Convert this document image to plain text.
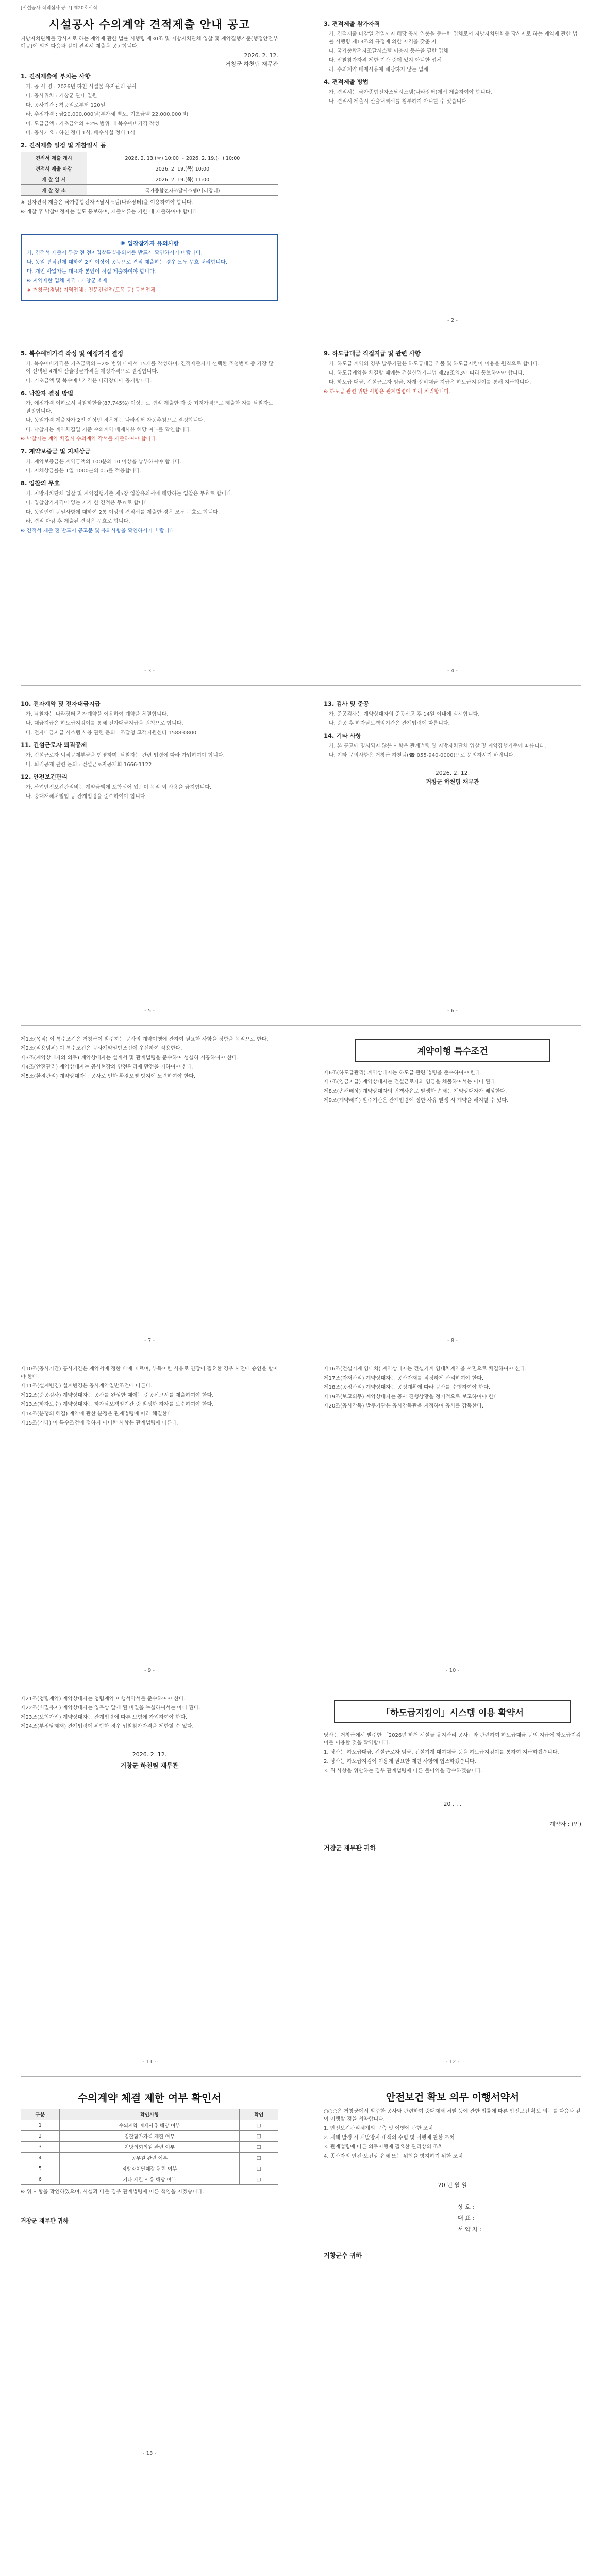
[시설공사 적격심사 공고] 제20호서식
시설공사 수의계약 견적제출 안내 공고

지방자치단체를 당사자로 하는 계약에 관한 법률 시행령 제30조 및 지방자치단체 입찰 및 계약집행기준(행정안전부 예규)에 의거 다음과 같이 견적서 제출을 공고합니다.

2026. 2. 12.
거창군 하천팀 재무관
1. 견적제출에 부치는 사항

가. 공 사 명 : 2026년 하천 시설물 유지관리 공사

나. 공사위치 : 거창군 관내 일원

다. 공사기간 : 착공일로부터 120일

라. 추정가격 : 금20,000,000원(부가세 별도, 기초금액 22,000,000원)

마. 도급금액 : 기초금액의 ±2% 범위 내 복수예비가격 작성

바. 공사개요 : 하천 정비 1식, 배수시설 정비 1식

2. 견적제출 일정 및 개찰일시 등
견적서 제출 개시	2026. 2. 13.(금) 10:00 ~ 2026. 2. 19.(목) 10:00
견적서 제출 마감	2026. 2. 19.(목) 10:00
개 찰 일 시	2026. 2. 19.(목) 11:00
개 찰 장 소	국가종합전자조달시스템(나라장터)

※ 전자견적 제출은 국가종합전자조달시스템(나라장터)을 이용하여야 합니다.

※ 개찰 후 낙찰예정자는 별도 통보하며, 제출서류는 기한 내 제출하여야 합니다.

※ 입찰참가자 유의사항

가. 견적서 제출시 투찰 전 전자입찰특별유의서를 반드시 확인하시기 바랍니다.

나. 동일 견적건에 대하여 2인 이상이 공동으로 견적 제출하는 경우 모두 무효 처리합니다.

다. 개인 사업자는 대표자 본인이 직접 제출하여야 합니다.

※ 지역제한 업체 자격 : 거창군 소재

※ 거창군(경남) 지역업체 : 전문건설업(토목 등) 등록업체

3. 견적제출 참가자격

가. 견적제출 마감일 전일까지 해당 공사 업종을 등록한 업체로서 지방자치단체를 당사자로 하는 계약에 관한 법률 시행령 제13조의 규정에 의한 자격을 갖춘 자

나. 국가종합전자조달시스템 이용자 등록을 필한 업체

다. 입찰참가자격 제한 기간 중에 있지 아니한 업체

라. 수의계약 배제사유에 해당하지 않는 업체

4. 견적제출 방법

가. 견적서는 국가종합전자조달시스템(나라장터)에서 제출하여야 합니다.

나. 견적서 제출시 산출내역서를 첨부하지 아니할 수 있습니다.

- 2 -
5. 복수예비가격 작성 및 예정가격 결정

가. 복수예비가격은 기초금액의 ±2% 범위 내에서 15개를 작성하며, 견적제출자가 선택한 추첨번호 중 가장 많이 선택된 4개의 산술평균가격을 예정가격으로 결정합니다.

나. 기초금액 및 복수예비가격은 나라장터에 공개합니다.

6. 낙찰자 결정 방법

가. 예정가격 이하로서 낙찰하한율(87.745%) 이상으로 견적 제출한 자 중 최저가격으로 제출한 자를 낙찰자로 결정합니다.

나. 동일가격 제출자가 2인 이상인 경우에는 나라장터 자동추첨으로 결정합니다.

다. 낙찰자는 계약체결일 기준 수의계약 배제사유 해당 여부를 확인합니다.

※ 낙찰자는 계약 체결시 수의계약 각서를 제출하여야 합니다.

7. 계약보증금 및 지체상금

가. 계약보증금은 계약금액의 100분의 10 이상을 납부하여야 합니다.

나. 지체상금률은 1일 1000분의 0.5를 적용합니다.

8. 입찰의 무효

가. 지방자치단체 입찰 및 계약집행기준 제5장 입찰유의서에 해당하는 입찰은 무효로 합니다.

나. 입찰참가자격이 없는 자가 한 견적은 무효로 합니다.

다. 동일인이 동일사항에 대하여 2통 이상의 견적서를 제출한 경우 모두 무효로 합니다.

라. 견적 마감 후 제출된 견적은 무효로 합니다.

※ 견적서 제출 전 반드시 공고문 및 유의사항을 확인하시기 바랍니다.

- 3 -
9. 하도급대금 직접지급 및 관련 사항

가. 하도급 계약의 경우 발주기관은 하도급대금 직불 및 하도급지킴이 이용을 원칙으로 합니다.

나. 하도급계약을 체결할 때에는 건설산업기본법 제29조의3에 따라 통보하여야 합니다.

다. 하도급 대금, 건설근로자 임금, 자재·장비대금 지급은 하도급지킴이를 통해 지급합니다.

※ 하도급 관련 위반 사항은 관계법령에 따라 처리합니다.

- 4 -
10. 전자계약 및 전자대금지급

가. 낙찰자는 나라장터 전자계약을 이용하여 계약을 체결합니다.

나. 대금지급은 하도급지킴이를 통해 전자대금지급을 원칙으로 합니다.

다. 전자대금지급 시스템 사용 관련 문의 : 조달청 고객지원센터 1588-0800

11. 건설근로자 퇴직공제

가. 건설근로자 퇴직공제부금을 반영하며, 낙찰자는 관련 법령에 따라 가입하여야 합니다.

나. 퇴직공제 관련 문의 : 건설근로자공제회 1666-1122

12. 안전보건관리

가. 산업안전보건관리비는 계약금액에 포함되어 있으며 목적 외 사용을 금지합니다.

나. 중대재해처벌법 등 관계법령을 준수하여야 합니다.

- 5 -
13. 검사 및 준공

가. 준공검사는 계약상대자의 준공신고 후 14일 이내에 실시합니다.

나. 준공 후 하자담보책임기간은 관계법령에 따릅니다.

14. 기타 사항

가. 본 공고에 명시되지 않은 사항은 관계법령 및 지방자치단체 입찰 및 계약집행기준에 따릅니다.

나. 기타 문의사항은 거창군 하천팀(☎ 055-940-0000)으로 문의하시기 바랍니다.

2026. 2. 12.
거창군 하천팀 재무관
- 6 -

제1조(목적) 이 특수조건은 거창군이 발주하는 공사의 계약이행에 관하여 필요한 사항을 정함을 목적으로 한다.

제2조(적용범위) 이 특수조건은 공사계약일반조건에 우선하여 적용한다.

제3조(계약상대자의 의무) 계약상대자는 설계서 및 관계법령을 준수하여 성실히 시공하여야 한다.

제4조(안전관리) 계약상대자는 공사현장의 안전관리에 만전을 기하여야 한다.

제5조(환경관리) 계약상대자는 공사로 인한 환경오염 방지에 노력하여야 한다.

- 7 -
계약이행 특수조건

제6조(하도급관리) 계약상대자는 하도급 관련 법령을 준수하여야 한다.

제7조(임금지급) 계약상대자는 건설근로자의 임금을 체불하여서는 아니 된다.

제8조(손해배상) 계약상대자의 귀책사유로 발생한 손해는 계약상대자가 배상한다.

제9조(계약해지) 발주기관은 관계법령에 정한 사유 발생 시 계약을 해지할 수 있다.

- 8 -

제10조(공사기간) 공사기간은 계약서에 정한 바에 따르며, 부득이한 사유로 연장이 필요한 경우 사전에 승인을 받아야 한다.

제11조(설계변경) 설계변경은 공사계약일반조건에 따른다.

제12조(준공검사) 계약상대자는 공사를 완성한 때에는 준공신고서를 제출하여야 한다.

제13조(하자보수) 계약상대자는 하자담보책임기간 중 발생한 하자를 보수하여야 한다.

제14조(분쟁의 해결) 계약에 관한 분쟁은 관계법령에 따라 해결한다.

제15조(기타) 이 특수조건에 정하지 아니한 사항은 관계법령에 따른다.

- 9 -

제16조(건설기계 임대차) 계약상대자는 건설기계 임대차계약을 서면으로 체결하여야 한다.

제17조(자재관리) 계약상대자는 공사자재를 적정하게 관리하여야 한다.

제18조(공정관리) 계약상대자는 공정계획에 따라 공사를 수행하여야 한다.

제19조(보고의무) 계약상대자는 공사 진행상황을 정기적으로 보고하여야 한다.

제20조(공사감독) 발주기관은 공사감독관을 지정하여 공사를 감독한다.

- 10 -

제21조(청렴계약) 계약상대자는 청렴계약 이행서약서를 준수하여야 한다.

제22조(비밀유지) 계약상대자는 업무상 알게 된 비밀을 누설하여서는 아니 된다.

제23조(보험가입) 계약상대자는 관계법령에 따른 보험에 가입하여야 한다.

제24조(부정당제재) 관계법령에 위반한 경우 입찰참가자격을 제한할 수 있다.

2026. 2. 12.
거창군 하천팀 재무관
- 11 -
「하도급지킴이」시스템 이용 확약서

당사는 거창군에서 발주한 「2026년 하천 시설물 유지관리 공사」와 관련하여 하도급대금 등의 지급에 하도급지킴이를 이용할 것을 확약합니다.

1. 당사는 하도급대금, 건설근로자 임금, 건설기계 대여대금 등을 하도급지킴이를 통하여 지급하겠습니다.

2. 당사는 하도급지킴이 이용에 필요한 제반 사항에 협조하겠습니다.

3. 위 사항을 위반하는 경우 관계법령에 따른 불이익을 감수하겠습니다.

20 . . .
계약자 : (인)
거창군 재무관 귀하
- 12 -
수의계약 체결 제한 여부 확인서
구분	확인사항	확인
1	수의계약 배제사유 해당 여부	□
2	입찰참가자격 제한 여부	□
3	지방의회의원 관련 여부	□
4	공무원 관련 여부	□
5	지방자치단체장 관련 여부	□
6	기타 제한 사유 해당 여부	□

※ 위 사항을 확인하였으며, 사실과 다를 경우 관계법령에 따른 책임을 지겠습니다.

거창군 재무관 귀하
- 13 -
안전보건 확보 의무 이행서약서

○○○은 거창군에서 발주한 공사와 관련하여 중대재해 처벌 등에 관한 법률에 따른 안전보건 확보 의무를 다음과 같이 이행할 것을 서약합니다.

1. 안전보건관리체계의 구축 및 이행에 관한 조치

2. 재해 발생 시 재발방지 대책의 수립 및 이행에 관한 조치

3. 관계법령에 따른 의무이행에 필요한 관리상의 조치

4. 종사자의 안전·보건상 유해 또는 위험을 방지하기 위한 조치

20 년 월 일
상 호 :
대 표 :
서 약 자 :
거창군수 귀하
